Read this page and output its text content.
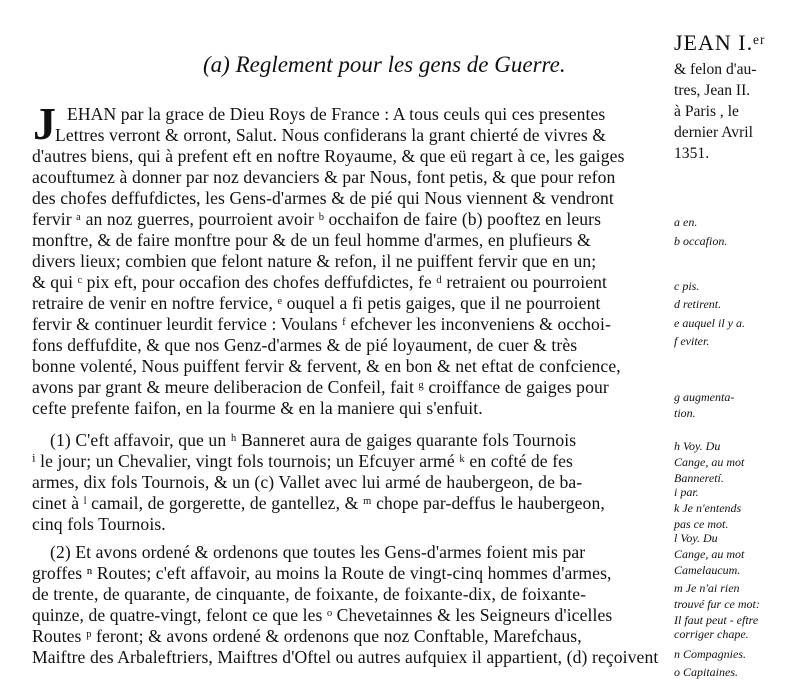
(a) Reglement pour les gens de Guerre.
J EHAN par la grace de Dieu Roys de France : A tous ceuls qui ces presentes
Lettres verront & orront, Salut. Nous confiderans la grant chierté de vivres &
d'autres biens, qui à prefent eft en noftre Royaume, & que eü regart à ce, les gaiges
acouftumez à donner par noz devanciers & par Nous, font petis, & que pour refon
des chofes deffufdictes, les Gens-d'armes & de pié qui Nous viennent & vendront
fervir ᵃ an noz guerres, pourroient avoir ᵇ occhaifon de faire (b) pooftez en leurs
monftre, & de faire monftre pour & de un feul homme d'armes, en plufieurs &
divers lieux; combien que felont nature & refon, il ne puiffent fervir que en un;
& qui ᶜ pix eft, pour occafion des chofes deffufdictes, fe ᵈ retraient ou pourroient
retraire de venir en noftre fervice, ᵉ ouquel a fi petis gaiges, que il ne pourroient
fervir & continuer leurdit fervice : Voulans ᶠ efchever les inconveniens & occhoi-
fons deffufdite, & que nos Genz-d'armes & de pié loyaument, de cuer & très
bonne volenté, Nous puiffent fervir & fervent, & en bon & net eftat de confcience,
avons par grant & meure deliberacion de Confeil, fait ᵍ croiffance de gaiges pour
cefte prefente faifon, en la fourme & en la maniere qui s'enfuit.
(1) C'eft affavoir, que un ʰ Banneret aura de gaiges quarante fols Tournois
ⁱ le jour; un Chevalier, vingt fols tournois; un Efcuyer armé ᵏ en cofté de fes
armes, dix fols Tournois, & un (c) Vallet avec lui armé de haubergeon, de ba-
cinet à ˡ camail, de gorgerette, de gantellez, & ᵐ chope par-deffus le haubergeon,
cinq fols Tournois.
(2) Et avons ordené & ordenons que toutes les Gens-d'armes foient mis par
groffes ⁿ Routes; c'eft affavoir, au moins la Route de vingt-cinq hommes d'armes,
de trente, de quarante, de cinquante, de foixante, de foixante-dix, de foixante-
quinze, de quatre-vingt, felont ce que les ᵒ Chevetainnes & les Seigneurs d'icelles
Routes ᵖ feront; & avons ordené & ordenons que noz Conftable, Marefchaus,
Maiftre des Arbaleftriers, Maiftres d'Oftel ou autres aufquiex il appartient, (d) reçoivent
JEAN I.ᵉʳ
& felon d'au-
tres, Jean II.
à Paris , le
dernier Avril
1351.
a en.
b occafion.
c pis.
d retirent.
e auquel il y a.
f eviter.
g augmenta-
tion.
h Voy. Du
Cange, au mot
Banneretí.
i par.
k Je n'entends
pas ce mot.
l Voy. Du
Cange, au mot
Camelaucum.
m Je n'ai rien
trouvé fur ce mot:
Il faut peut - eftre
corriger chape.
n Compagnies.
o Capitaines.
